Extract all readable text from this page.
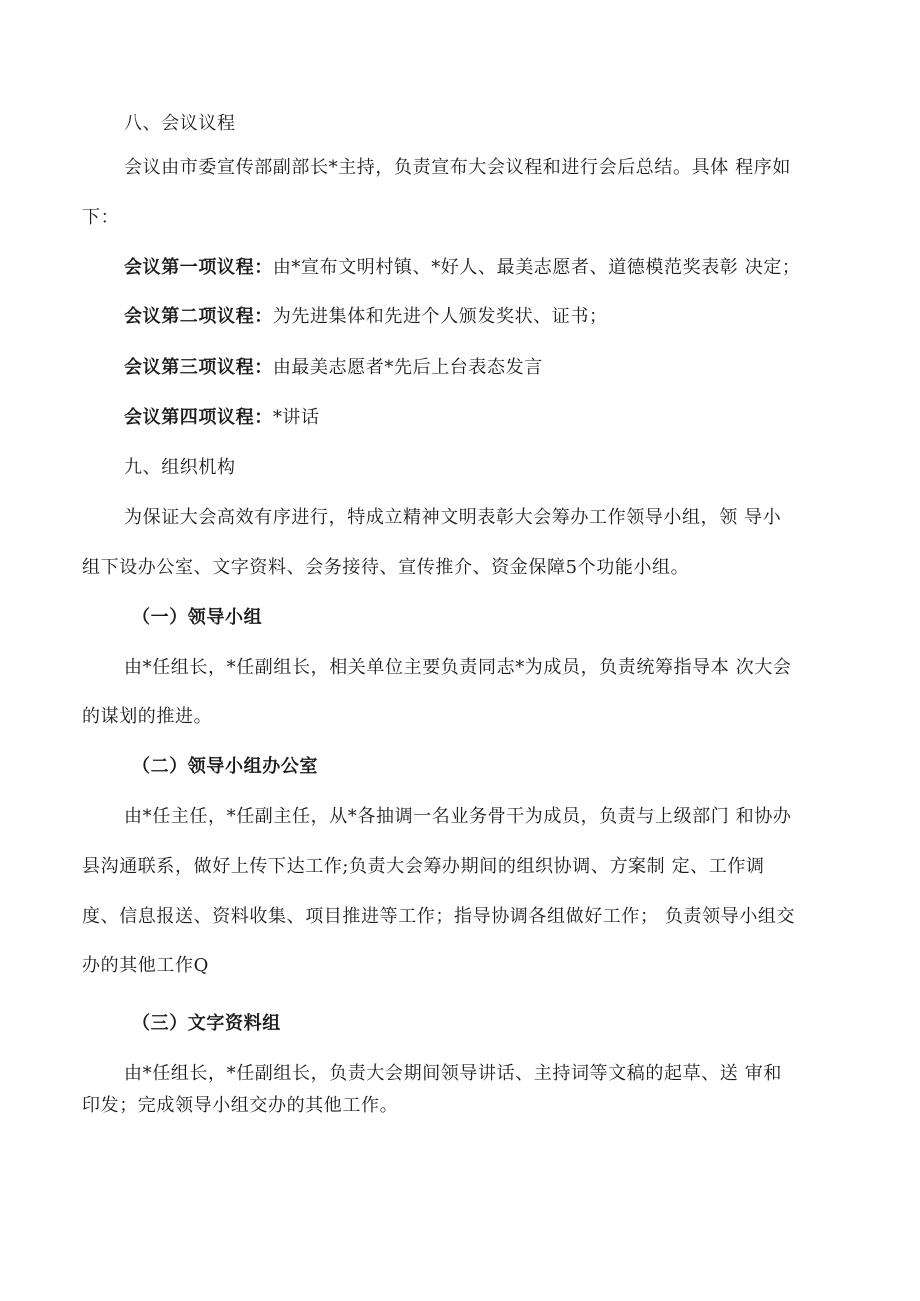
八、会议议程
会议由市委宣传部副部长*主持，负责宣布大会议程和进行会后总结。具体 程序如
下：
会议第一项议程：由*宣布文明村镇、*好人、最美志愿者、道德模范奖表彰 决定；
会议第二项议程：为先进集体和先进个人颁发奖状、证书；
会议第三项议程：由最美志愿者*先后上台表态发言
会议第四项议程：*讲话
九、组织机构
为保证大会高效有序进行，特成立精神文明表彰大会筹办工作领导小组，领 导小
组下设办公室、文字资料、会务接待、宣传推介、资金保障5个功能小组。
（一）领导小组
由*任组长，*任副组长，相关单位主要负责同志*为成员，负责统筹指导本 次大会
的谋划的推进。
（二）领导小组办公室
由*任主任，*任副主任，从*各抽调一名业务骨干为成员，负责与上级部门 和协办
县沟通联系，做好上传下达工作;负责大会筹办期间的组织协调、方案制 定、工作调
度、信息报送、资料收集、项目推进等工作；指导协调各组做好工作； 负责领导小组交
办的其他工作Q
（三）文字资料组
由*任组长，*任副组长，负责大会期间领导讲话、主持词等文稿的起草、送 审和
印发；完成领导小组交办的其他工作。
